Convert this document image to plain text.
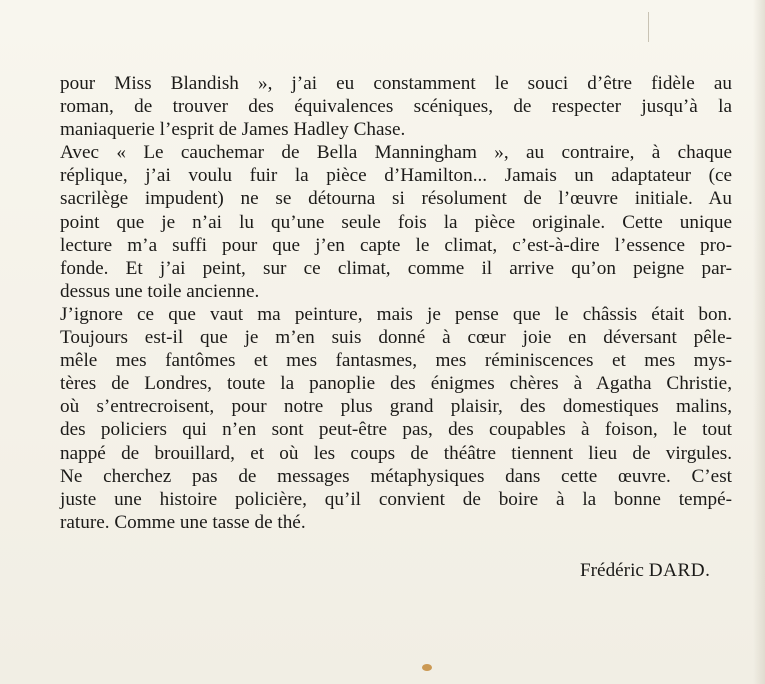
pour Miss Blandish », j’ai eu constamment le souci d’être fidèle au
roman, de trouver des équivalences scéniques, de respecter jusqu’à la
maniaquerie l’esprit de James Hadley Chase.
Avec « Le cauchemar de Bella Manningham », au contraire, à chaque
réplique, j’ai voulu fuir la pièce d’Hamilton... Jamais un adaptateur (ce
sacrilège impudent) ne se détourna si résolument de l’œuvre initiale. Au
point que je n’ai lu qu’une seule fois la pièce originale. Cette unique
lecture m’a suffi pour que j’en capte le climat, c’est-à-dire l’essence pro-
fonde. Et j’ai peint, sur ce climat, comme il arrive qu’on peigne par-
dessus une toile ancienne.
J’ignore ce que vaut ma peinture, mais je pense que le châssis était bon.
Toujours est-il que je m’en suis donné à cœur joie en déversant pêle-
mêle mes fantômes et mes fantasmes, mes réminiscences et mes mys-
tères de Londres, toute la panoplie des énigmes chères à Agatha Christie,
où s’entrecroisent, pour notre plus grand plaisir, des domestiques malins,
des policiers qui n’en sont peut-être pas, des coupables à foison, le tout
nappé de brouillard, et où les coups de théâtre tiennent lieu de virgules.
Ne cherchez pas de messages métaphysiques dans cette œuvre. C’est
juste une histoire policière, qu’il convient de boire à la bonne tempé-
rature. Comme une tasse de thé.
Frédéric DARD.
